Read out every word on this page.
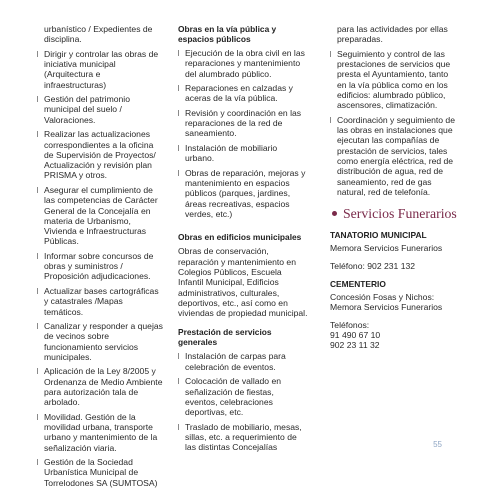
urbanístico / Expedientes de disciplina.
Dirigir y controlar las obras de iniciativa municipal (Arquitectura e infraestructuras)
Gestión del patrimonio municipal del suelo / Valoraciones.
Realizar las actualizaciones correspondientes a la oficina de Supervisión de Proyectos/ Actualización y revisión plan PRISMA y otros.
Asegurar el cumplimiento de las competencias de Carácter General de la Concejalía en materia de Urbanismo, Vivienda e Infraestructuras Públicas.
Informar sobre concursos de obras y suministros / Proposición adjudicaciones.
Actualizar bases cartográficas y catastrales /Mapas temáticos.
Canalizar y responder a quejas de vecinos sobre funcionamiento servicios municipales.
Aplicación de la Ley 8/2005 y Ordenanza de Medio Ambiente para autorización tala de arbolado.
Movilidad. Gestión de la movilidad urbana, transporte urbano y mantenimiento de la señalización viaria.
Gestión de la Sociedad Urbanística Municipal de Torrelodones SA (SUMTOSA)
Obras en la vía pública y espacios públicos
Ejecución de la obra civil en las reparaciones y mantenimiento del alumbrado público.
Reparaciones en calzadas y aceras de la vía pública.
Revisión y coordinación en las reparaciones de la red de saneamiento.
Instalación de mobiliario urbano.
Obras de reparación, mejoras y mantenimiento en espacios públicos (parques, jardines, áreas recreativas, espacios verdes, etc.)
Obras en edificios municipales

Obras de conservación, reparación y mantenimiento en Colegios Públicos, Escuela Infantil Municipal, Edificios administrativos, culturales, deportivos, etc., así como en viviendas de propiedad municipal.

Prestación de servicios generales
Instalación de carpas para celebración de eventos.
Colocación de vallado en señalización de fiestas, eventos, celebraciones deportivas, etc.
Traslado de mobiliario, mesas, sillas, etc. a requerimiento de las distintas Concejalías
para las actividades por ellas preparadas.
Seguimiento y control de las prestaciones de servicios que presta el Ayuntamiento, tanto en la vía pública como en los edificios: alumbrado público, ascensores, climatización.
Coordinación y seguimiento de las obras en instalaciones que ejecutan las compañías de prestación de servicios, tales como energía eléctrica, red de distribución de agua, red de saneamiento, red de gas natural, red de telefonía.
Servicios Funerarios
TANATORIO MUNICIPAL

Memora Servicios Funerarios

Teléfono: 902 231 132

CEMENTERIO

Concesión Fosas y Nichos:

Memora Servicios Funerarios

Teléfonos:

91 490 67 10

902 23 11 32

55
